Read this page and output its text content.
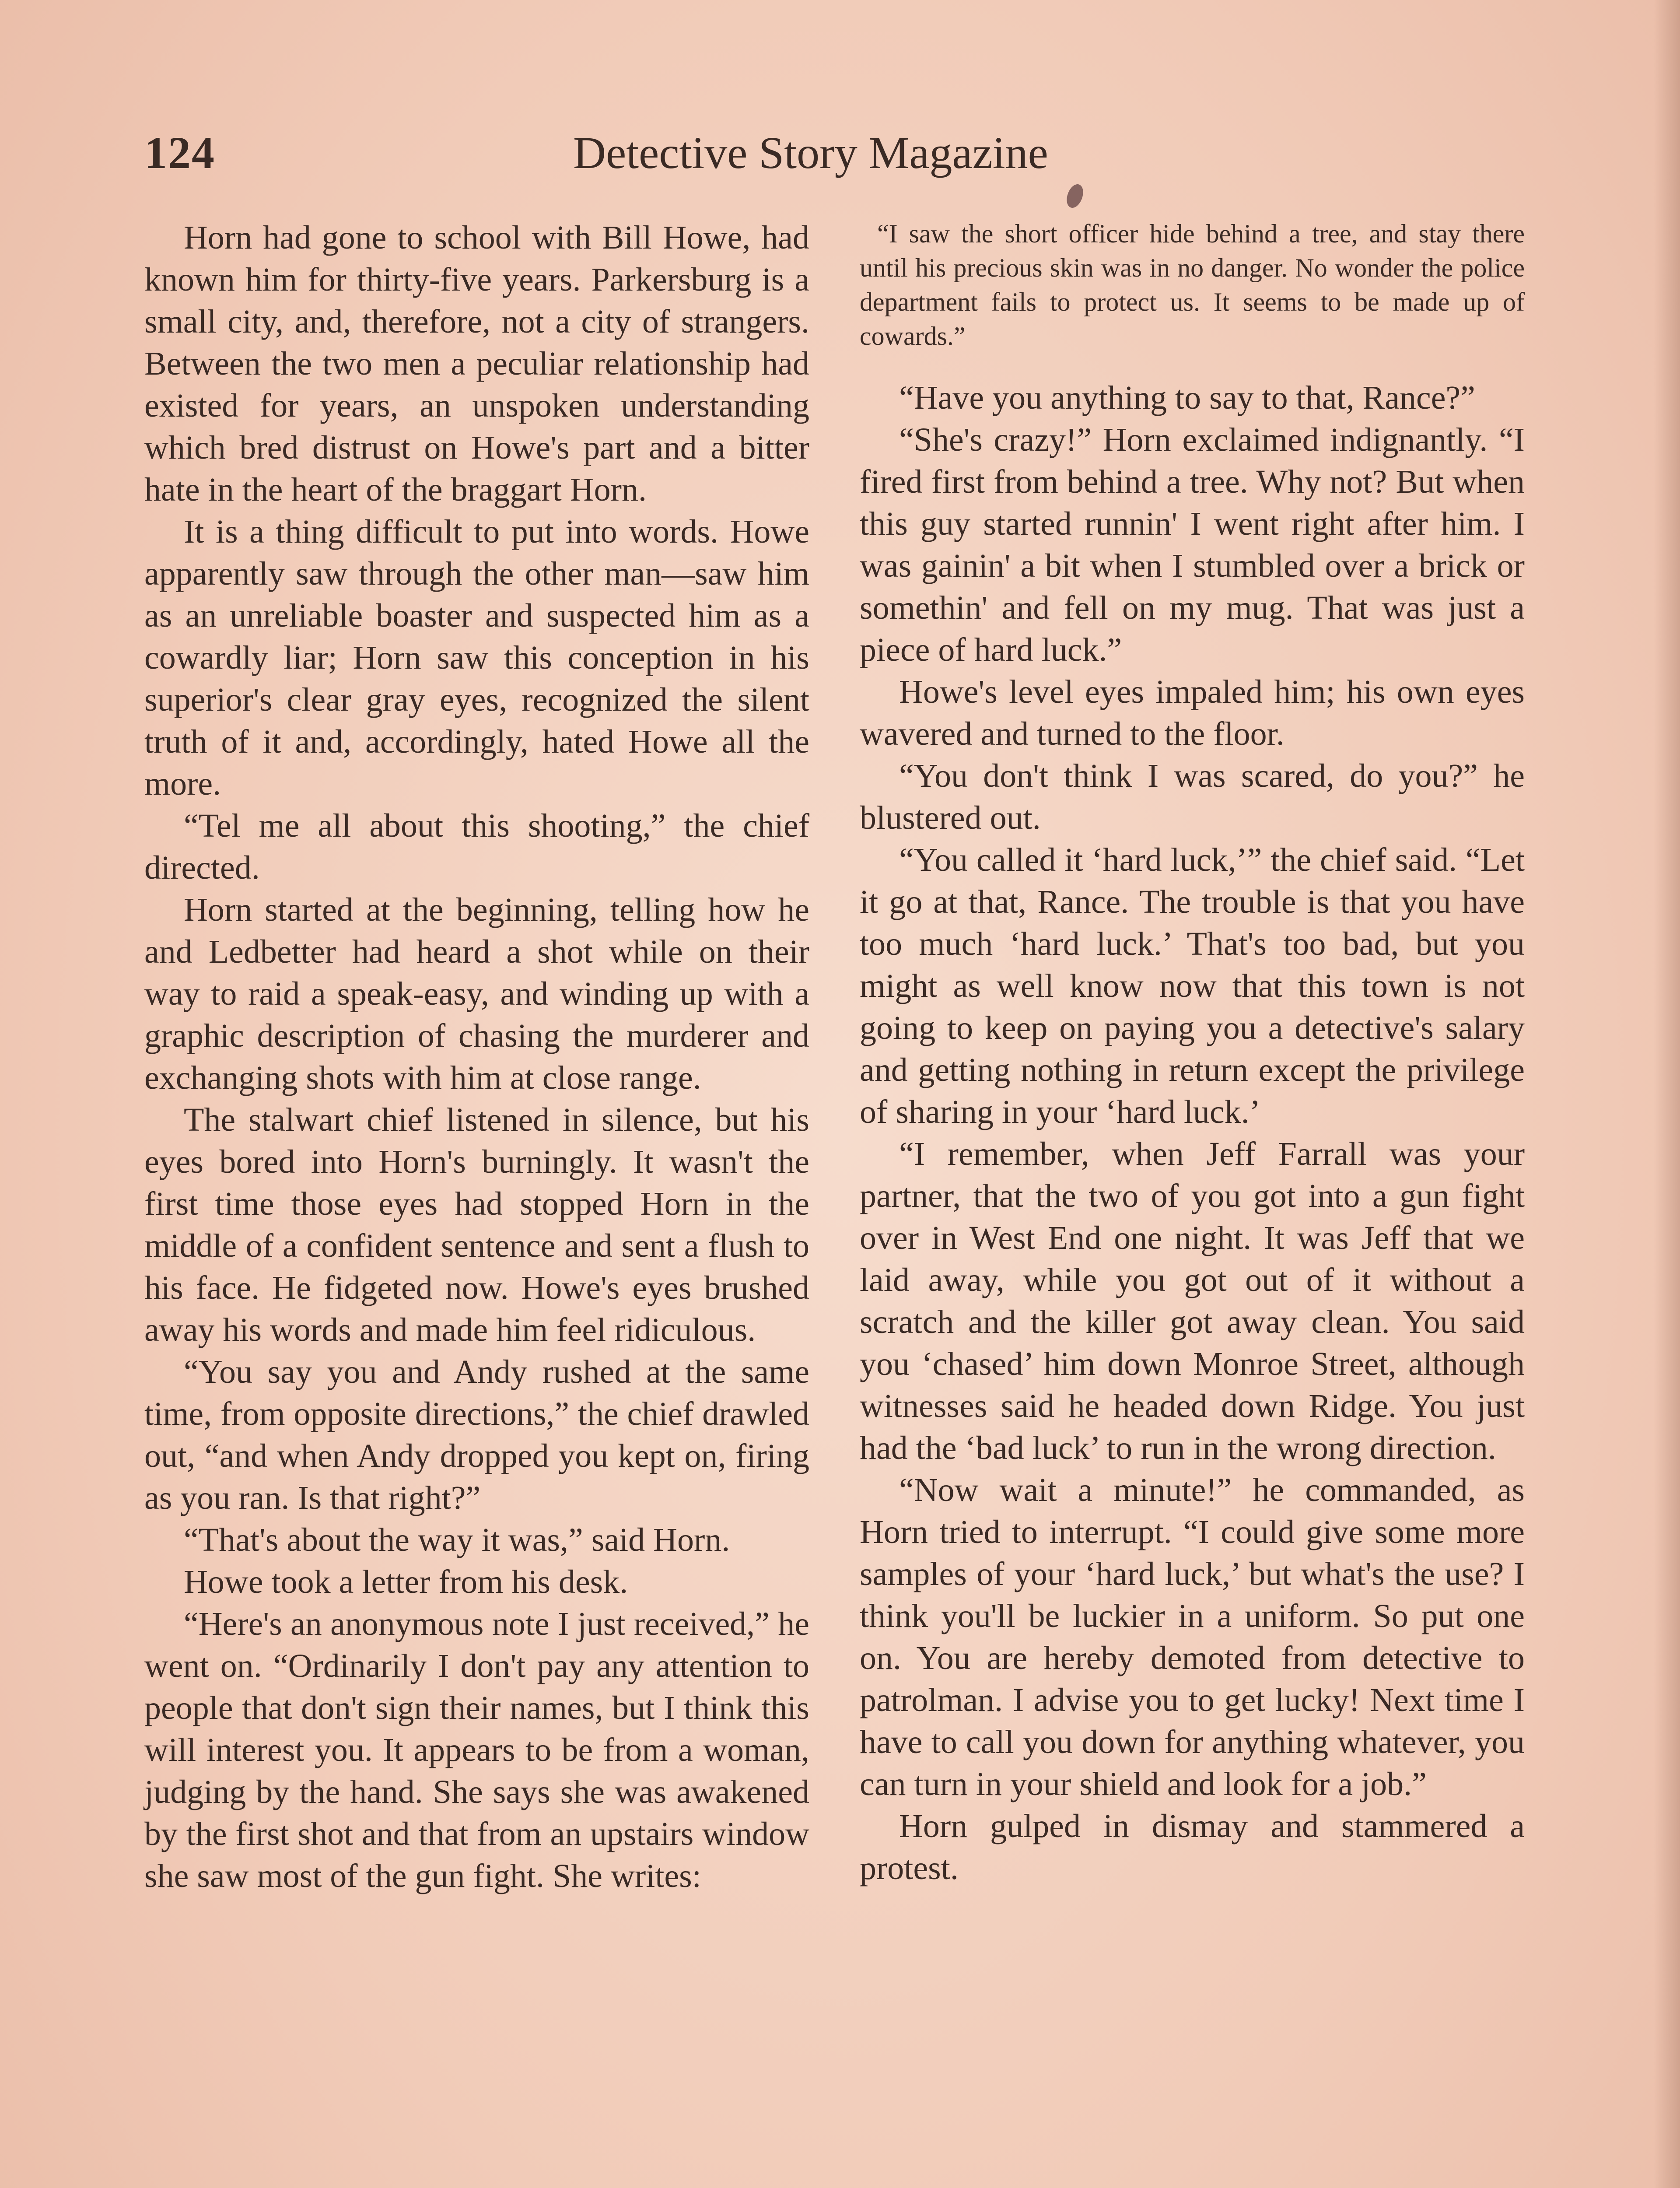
124	Detective Story Magazine

Horn had gone to school with Bill Howe, had known him for thirty-five years. Parkersburg is a small city, and, therefore, not a city of strangers. Between the two men a peculiar relationship had existed for years, an unspoken understanding which bred distrust on Howe's part and a bitter hate in the heart of the braggart Horn.

It is a thing difficult to put into words. Howe apparently saw through the other man—saw him as an unreliable boaster and suspected him as a cowardly liar; Horn saw this conception in his superior's clear gray eyes, recognized the silent truth of it and, accordingly, hated Howe all the more.

“Tel me all about this shooting,” the chief directed.

Horn started at the beginning, telling how he and Ledbetter had heard a shot while on their way to raid a speak-easy, and winding up with a graphic description of chasing the murderer and exchanging shots with him at close range.

The stalwart chief listened in silence, but his eyes bored into Horn's burningly. It wasn't the first time those eyes had stopped Horn in the middle of a confident sentence and sent a flush to his face. He fidgeted now. Howe's eyes brushed away his words and made him feel ridiculous.

“You say you and Andy rushed at the same time, from opposite directions,” the chief drawled out, “and when Andy dropped you kept on, firing as you ran. Is that right?”

“That's about the way it was,” said Horn.

Howe took a letter from his desk.

“Here's an anonymous note I just received,” he went on. “Ordinarily I don't pay any attention to people that don't sign their names, but I think this will interest you. It appears to be from a woman, judging by the hand. She says she was awakened by the first shot and that from an upstairs window she saw most of the gun fight. She writes:

“I saw the short officer hide behind a tree, and stay there until his precious skin was in no danger. No wonder the police department fails to protect us. It seems to be made up of cowards.”

“Have you anything to say to that, Rance?”

“She's crazy!” Horn exclaimed indignantly. “I fired first from behind a tree. Why not? But when this guy started runnin' I went right after him. I was gainin' a bit when I stumbled over a brick or somethin' and fell on my mug. That was just a piece of hard luck.”

Howe's level eyes impaled him; his own eyes wavered and turned to the floor.

“You don't think I was scared, do you?” he blustered out.

“You called it ‘hard luck,’” the chief said. “Let it go at that, Rance. The trouble is that you have too much ‘hard luck.’ That's too bad, but you might as well know now that this town is not going to keep on paying you a detective's salary and getting nothing in return except the privilege of sharing in your ‘hard luck.’

“I remember, when Jeff Farrall was your partner, that the two of you got into a gun fight over in West End one night. It was Jeff that we laid away, while you got out of it without a scratch and the killer got away clean. You said you ‘chased’ him down Monroe Street, although witnesses said he headed down Ridge. You just had the ‘bad luck’ to run in the wrong direction.

“Now wait a minute!” he commanded, as Horn tried to interrupt. “I could give some more samples of your ‘hard luck,’ but what's the use? I think you'll be luckier in a uniform. So put one on. You are hereby demoted from detective to patrolman. I advise you to get lucky! Next time I have to call you down for anything whatever, you can turn in your shield and look for a job.”

Horn gulped in dismay and stammered a protest.
